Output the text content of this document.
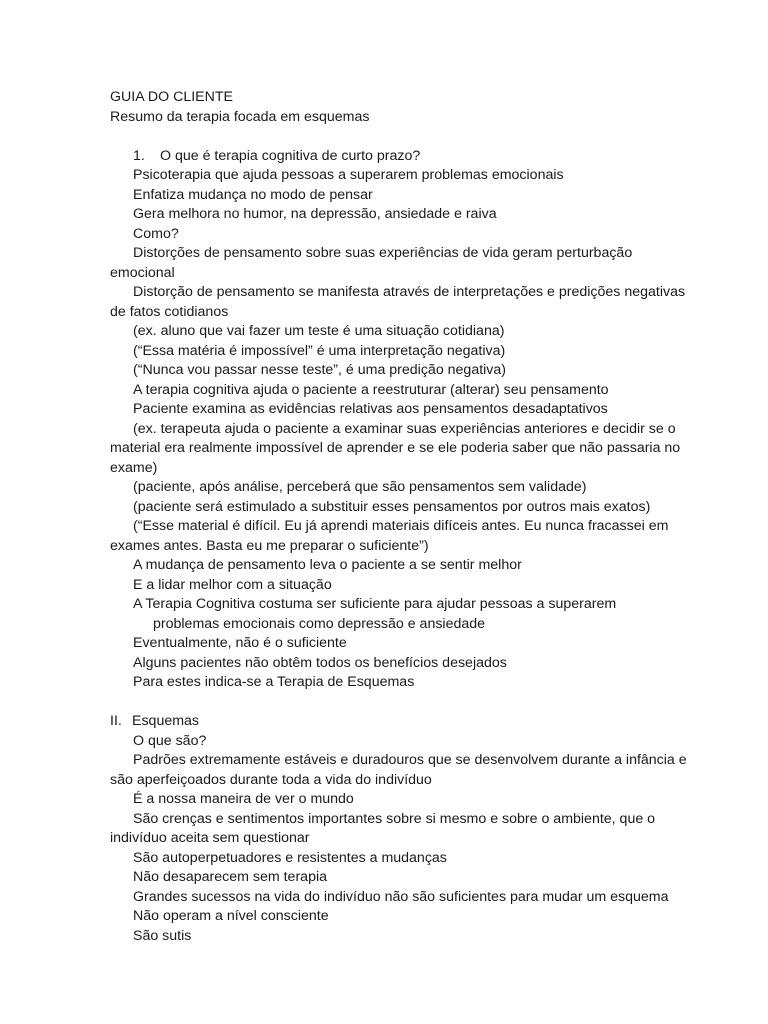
GUIA DO CLIENTE
Resumo da terapia focada em esquemas
1. O que é terapia cognitiva de curto prazo?
Psicoterapia que ajuda pessoas a superarem problemas emocionais
Enfatiza mudança no modo de pensar
Gera melhora no humor, na depressão, ansiedade e raiva
Como?
Distorções de pensamento sobre suas experiências de vida geram perturbação emocional
Distorção de pensamento se manifesta através de interpretações e predições negativas de fatos cotidianos
(ex. aluno que vai fazer um teste é uma situação cotidiana)
(“Essa matéria é impossível” é uma interpretação negativa)
(“Nunca vou passar nesse teste”, é uma predição negativa)
A terapia cognitiva ajuda o paciente a reestruturar (alterar) seu pensamento
Paciente examina as evidências relativas aos pensamentos desadaptativos
(ex. terapeuta ajuda o paciente a examinar suas experiências anteriores e decidir se o material era realmente impossível de aprender e se ele poderia saber que não passaria no exame)
(paciente, após análise, perceberá que são pensamentos sem validade)
(paciente será estimulado a substituir esses pensamentos por outros mais exatos)
(“Esse material é difícil. Eu já aprendi materiais difíceis antes. Eu nunca fracassei em exames antes. Basta eu me preparar o suficiente”)
A mudança de pensamento leva o paciente a se sentir melhor
E a lidar melhor com a situação
A Terapia Cognitiva costuma ser suficiente para ajudar pessoas a superarem
problemas emocionais como depressão e ansiedade
Eventualmente, não é o suficiente
Alguns pacientes não obtêm todos os benefícios desejados
Para estes indica-se a Terapia de Esquemas
II. Esquemas
O que são?
Padrões extremamente estáveis e duradouros que se desenvolvem durante a infância e são aperfeiçoados durante toda a vida do indivíduo
É a nossa maneira de ver o mundo
São crenças e sentimentos importantes sobre si mesmo e sobre o ambiente, que o indivíduo aceita sem questionar
São autoperpetuadores e resistentes a mudanças
Não desaparecem sem terapia
Grandes sucessos na vida do indivíduo não são suficientes para mudar um esquema
Não operam a nível consciente
São sutis
